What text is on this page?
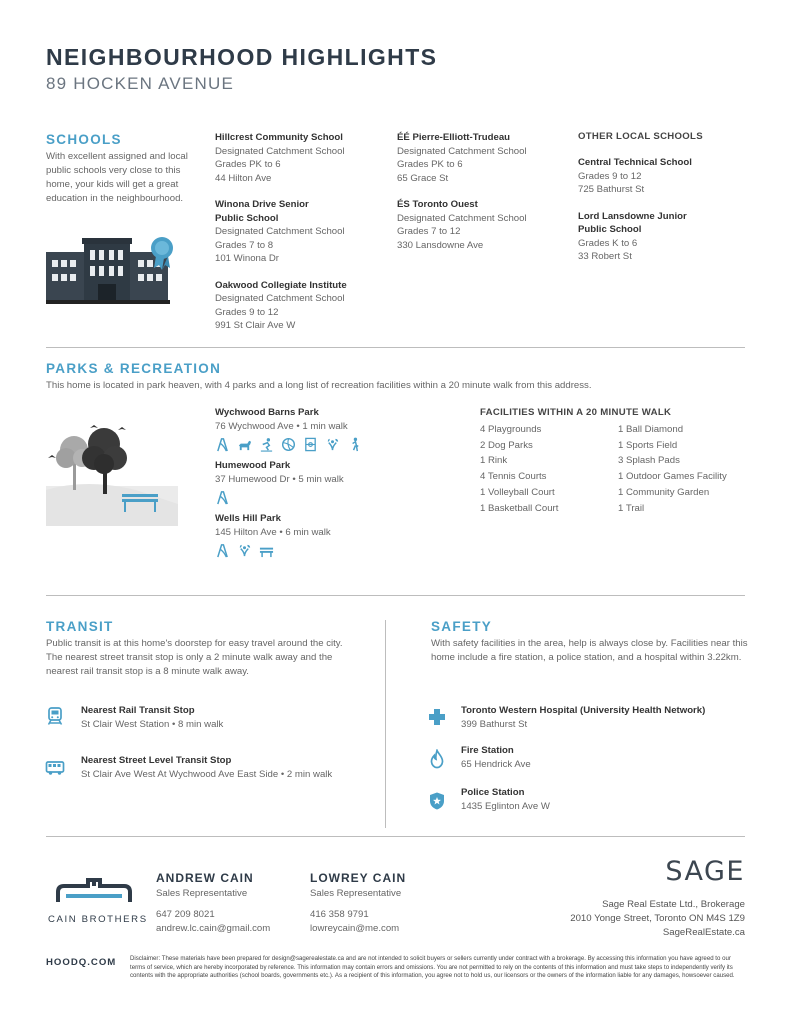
NEIGHBOURHOOD HIGHLIGHTS
89 HOCKEN AVENUE
SCHOOLS
With excellent assigned and local public schools very close to this home, your kids will get a great education in the neighbourhood.
Hillcrest Community School
Designated Catchment School
Grades PK to 6
44 Hilton Ave
Winona Drive Senior Public School
Designated Catchment School
Grades 7 to 8
101 Winona Dr
Oakwood Collegiate Institute
Designated Catchment School
Grades 9 to 12
991 St Clair Ave W
ÉÉ Pierre-Elliott-Trudeau
Designated Catchment School
Grades PK to 6
65 Grace St
ÉS Toronto Ouest
Designated Catchment School
Grades 7 to 12
330 Lansdowne Ave
OTHER LOCAL SCHOOLS
Central Technical School
Grades 9 to 12
725 Bathurst St
Lord Lansdowne Junior Public School
Grades K to 6
33 Robert St
PARKS & RECREATION
This home is located in park heaven, with 4 parks and a long list of recreation facilities within a 20 minute walk from this address.
Wychwood Barns Park
76 Wychwood Ave • 1 min walk
Humewood Park
37 Humewood Dr • 5 min walk
Wells Hill Park
145 Hilton Ave • 6 min walk
FACILITIES WITHIN A 20 MINUTE WALK
4 Playgrounds
2 Dog Parks
1 Rink
4 Tennis Courts
1 Volleyball Court
1 Basketball Court
1 Ball Diamond
1 Sports Field
3 Splash Pads
1 Outdoor Games Facility
1 Community Garden
1 Trail
TRANSIT
Public transit is at this home's doorstep for easy travel around the city. The nearest street transit stop is only a 2 minute walk away and the nearest rail transit stop is a 8 minute walk away.
Nearest Rail Transit Stop
St Clair West Station • 8 min walk
Nearest Street Level Transit Stop
St Clair Ave West At Wychwood Ave East Side • 2 min walk
SAFETY
With safety facilities in the area, help is always close by. Facilities near this home include a fire station, a police station, and a hospital within 3.22km.
Toronto Western Hospital (University Health Network)
399 Bathurst St
Fire Station
65 Hendrick Ave
Police Station
1435 Eglinton Ave W
CAIN BROTHERS
ANDREW CAIN
Sales Representative
647 209 8021
andrew.lc.cain@gmail.com
LOWREY CAIN
Sales Representative
416 358 9791
lowreycain@me.com
SAGE
Sage Real Estate Ltd., Brokerage
2010 Yonge Street, Toronto ON M4S 1Z9
SageRealEstate.ca
HOODQ.COM Disclaimer: These materials have been prepared for design@sagerealestate.ca and are not intended to solicit buyers or sellers currently under contract with a brokerage. By accessing this information you have agreed to our terms of service, which are hereby incorporated by reference. This information may contain errors and omissions. You are not permitted to rely on the contents of this information and must take steps to independently verify its contents with the appropriate authorities (school boards, governments etc.). As a recipient of this information, you agree not to hold us, our licensors or the owners of the information liable for any damages, howsoever caused.
